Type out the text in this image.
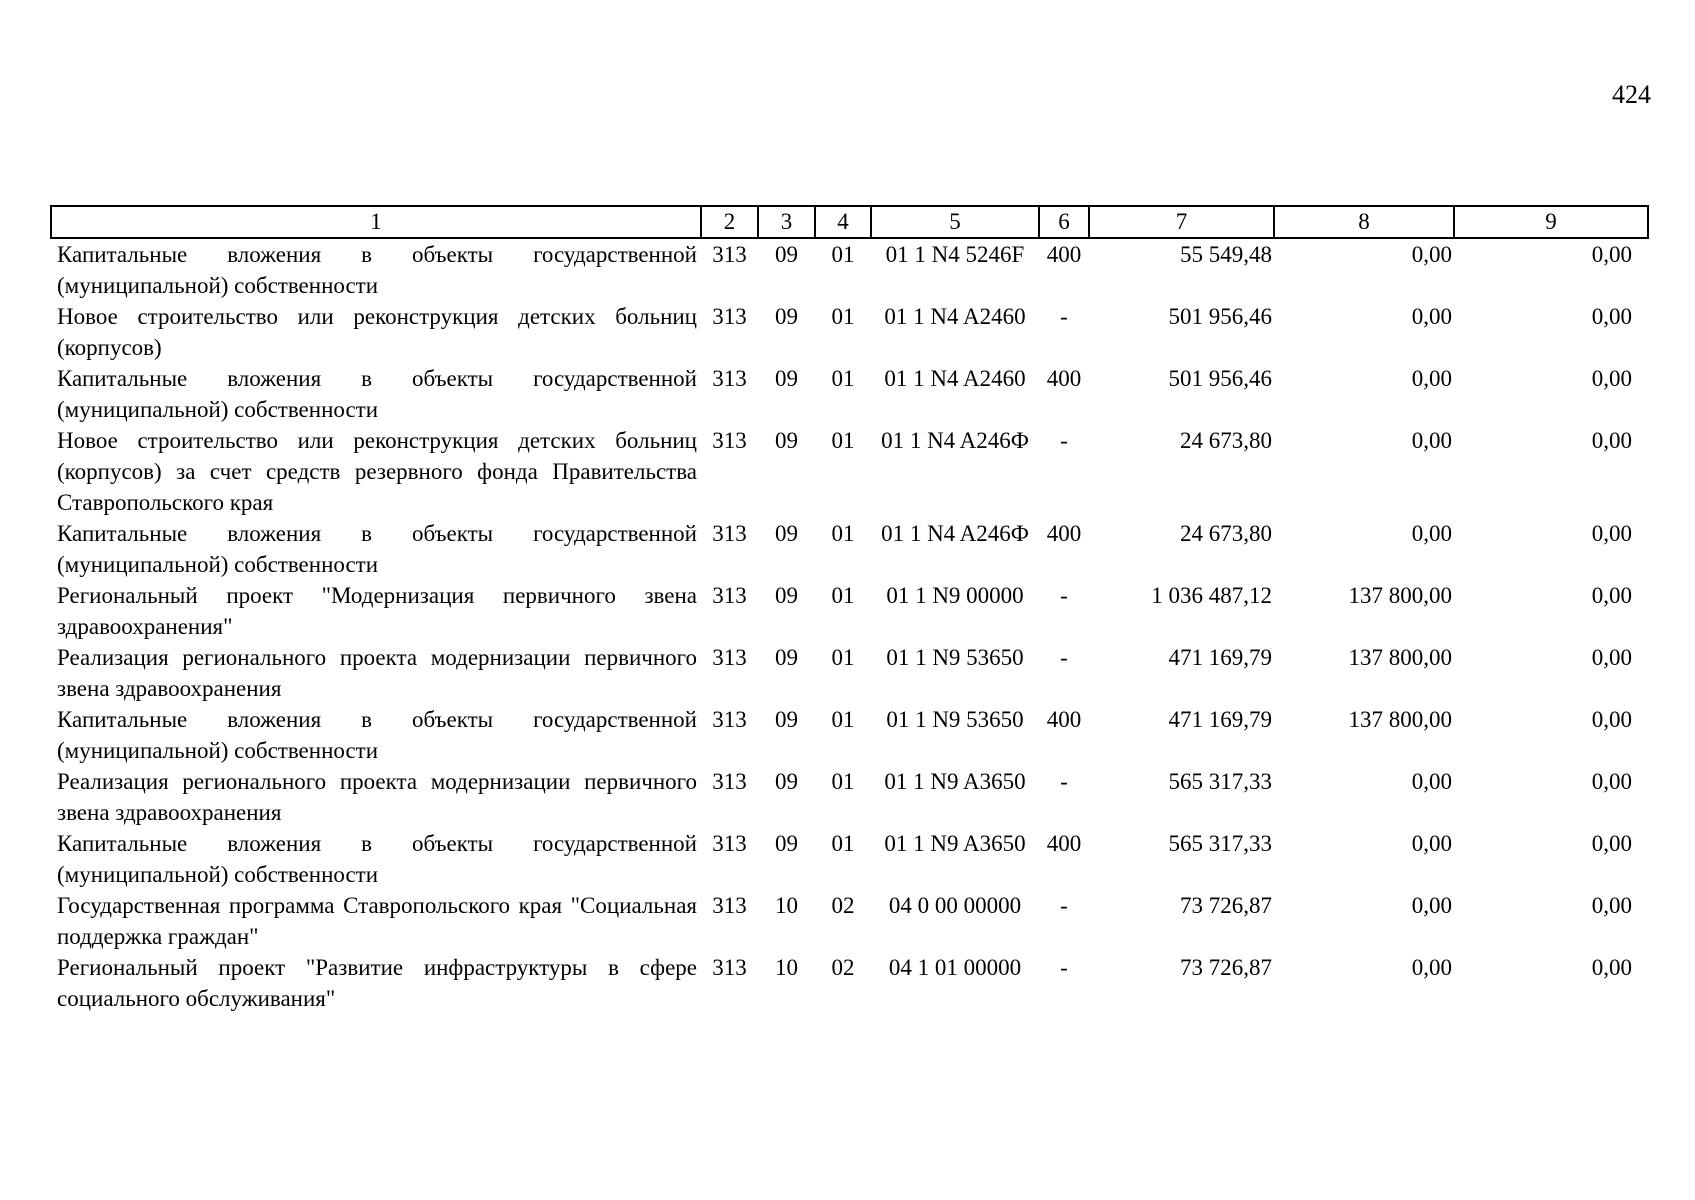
424
1	2	3	4	5	6	7	8	9
Капитальные вложения в объекты государственной (муниципальной) собственности	313	09	01	01 1 N4 5246F	400	55 549,48	0,00	0,00
Новое строительство или реконструкция детских больниц (корпусов)	313	09	01	01 1 N4 A2460	-	501 956,46	0,00	0,00
Капитальные вложения в объекты государственной (муниципальной) собственности	313	09	01	01 1 N4 A2460	400	501 956,46	0,00	0,00
Новое строительство или реконструкция детских больниц (корпусов) за счет средств резервного фонда Правительства Ставропольского края	313	09	01	01 1 N4 A246Ф	-	24 673,80	0,00	0,00
Капитальные вложения в объекты государственной (муниципальной) собственности	313	09	01	01 1 N4 A246Ф	400	24 673,80	0,00	0,00
Региональный проект "Модернизация первичного звена здравоохранения"	313	09	01	01 1 N9 00000	-	1 036 487,12	137 800,00	0,00
Реализация регионального проекта модернизации первичного звена здравоохранения	313	09	01	01 1 N9 53650	-	471 169,79	137 800,00	0,00
Капитальные вложения в объекты государственной (муниципальной) собственности	313	09	01	01 1 N9 53650	400	471 169,79	137 800,00	0,00
Реализация регионального проекта модернизации первичного звена здравоохранения	313	09	01	01 1 N9 A3650	-	565 317,33	0,00	0,00
Капитальные вложения в объекты государственной (муниципальной) собственности	313	09	01	01 1 N9 A3650	400	565 317,33	0,00	0,00
Государственная программа Ставропольского края "Социальная поддержка граждан"	313	10	02	04 0 00 00000	-	73 726,87	0,00	0,00
Региональный проект "Развитие инфраструктуры в сфере социального обслуживания"	313	10	02	04 1 01 00000	-	73 726,87	0,00	0,00
